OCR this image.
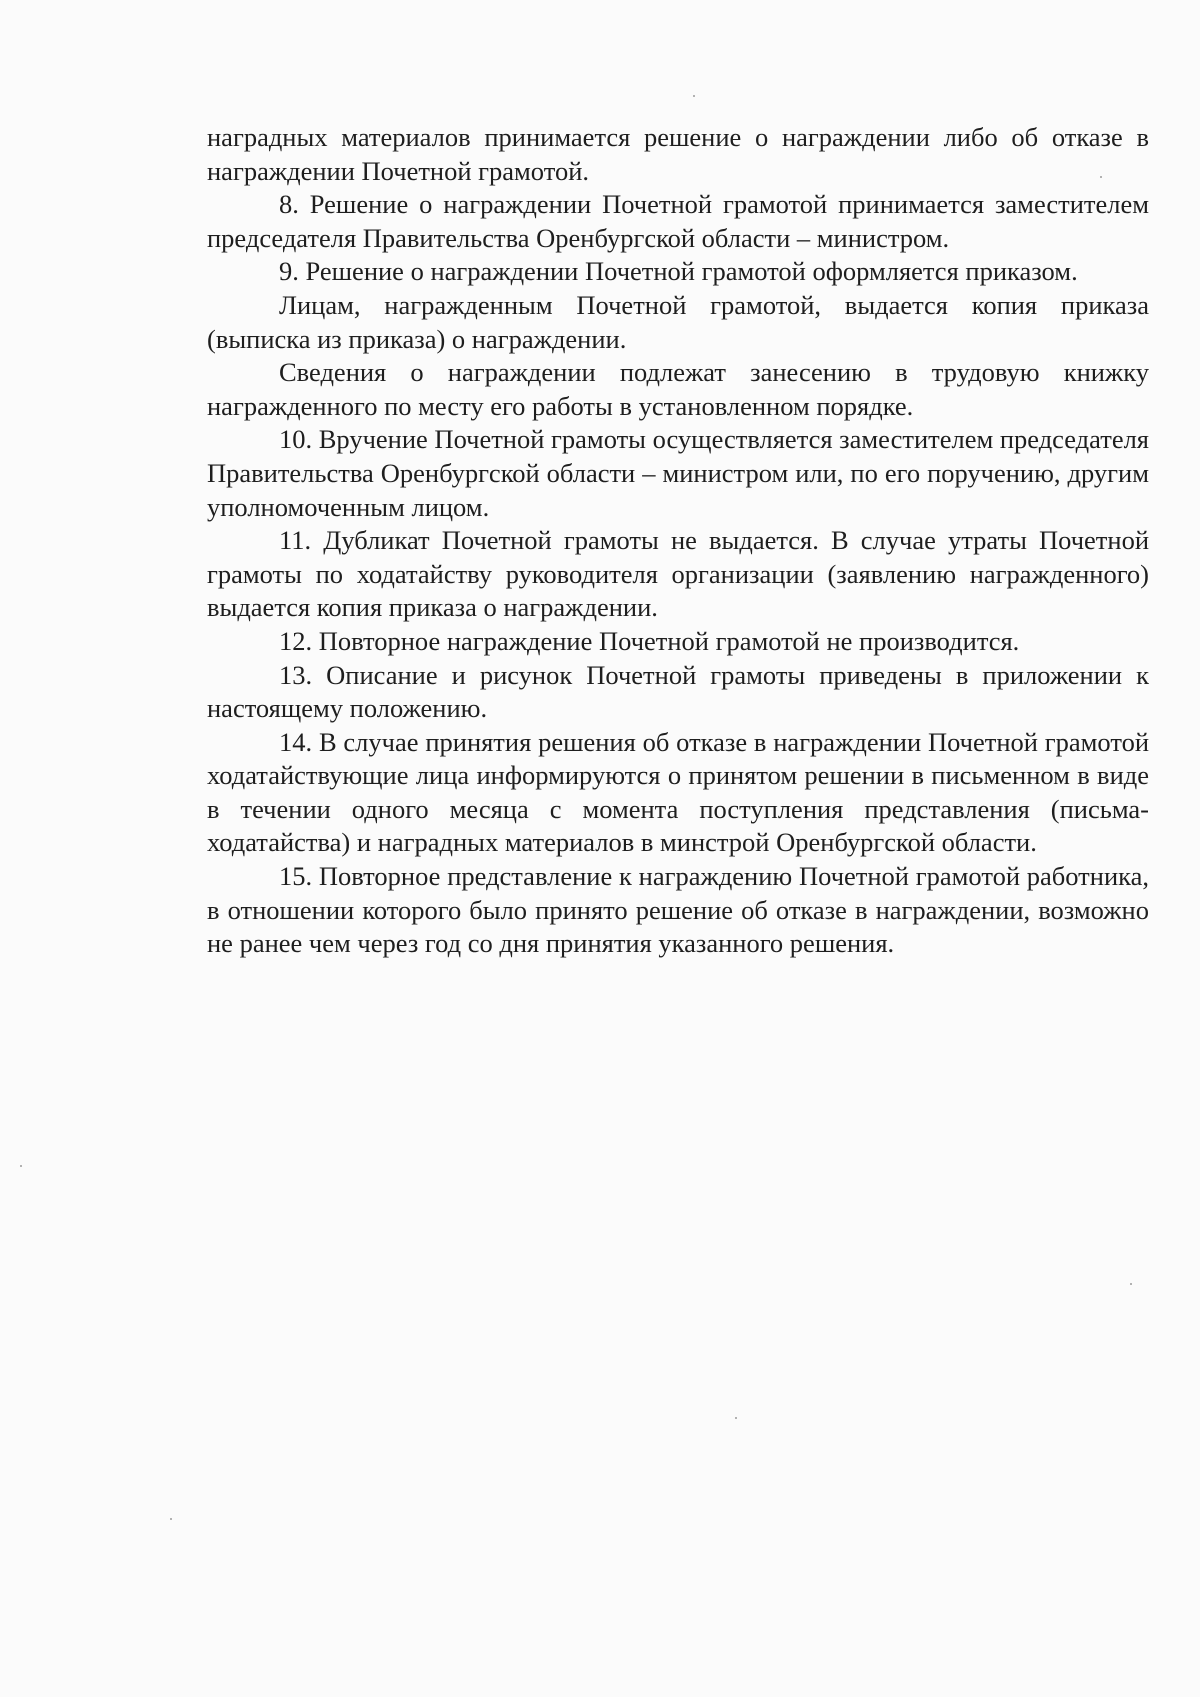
наградных материалов принимается решение о награждении либо об отказе в награждении Почетной грамотой.

8. Решение о награждении Почетной грамотой принимается заместителем председателя Правительства Оренбургской области – министром.

9. Решение о награждении Почетной грамотой оформляется приказом.

Лицам, награжденным Почетной грамотой, выдается копия приказа (выписка из приказа) о награждении.

Сведения о награждении подлежат занесению в трудовую книжку награжденного по месту его работы в установленном порядке.

10. Вручение Почетной грамоты осуществляется заместителем председателя Правительства Оренбургской области – министром или, по его поручению, другим уполномоченным лицом.

11. Дубликат Почетной грамоты не выдается. В случае утраты Почетной грамоты по ходатайству руководителя организации (заявлению награжденного) выдается копия приказа о награждении.

12. Повторное награждение Почетной грамотой не производится.

13. Описание и рисунок Почетной грамоты приведены в приложении к настоящему положению.

14. В случае принятия решения об отказе в награждении Почетной грамотой ходатайствующие лица информируются о принятом решении в письменном в виде в течении одного месяца с момента поступления представления (письма-ходатайства) и наградных материалов в минстрой Оренбургской области.

15. Повторное представление к награждению Почетной грамотой работника, в отношении которого было принято решение об отказе в награждении, возможно не ранее чем через год со дня принятия указанного решения.
